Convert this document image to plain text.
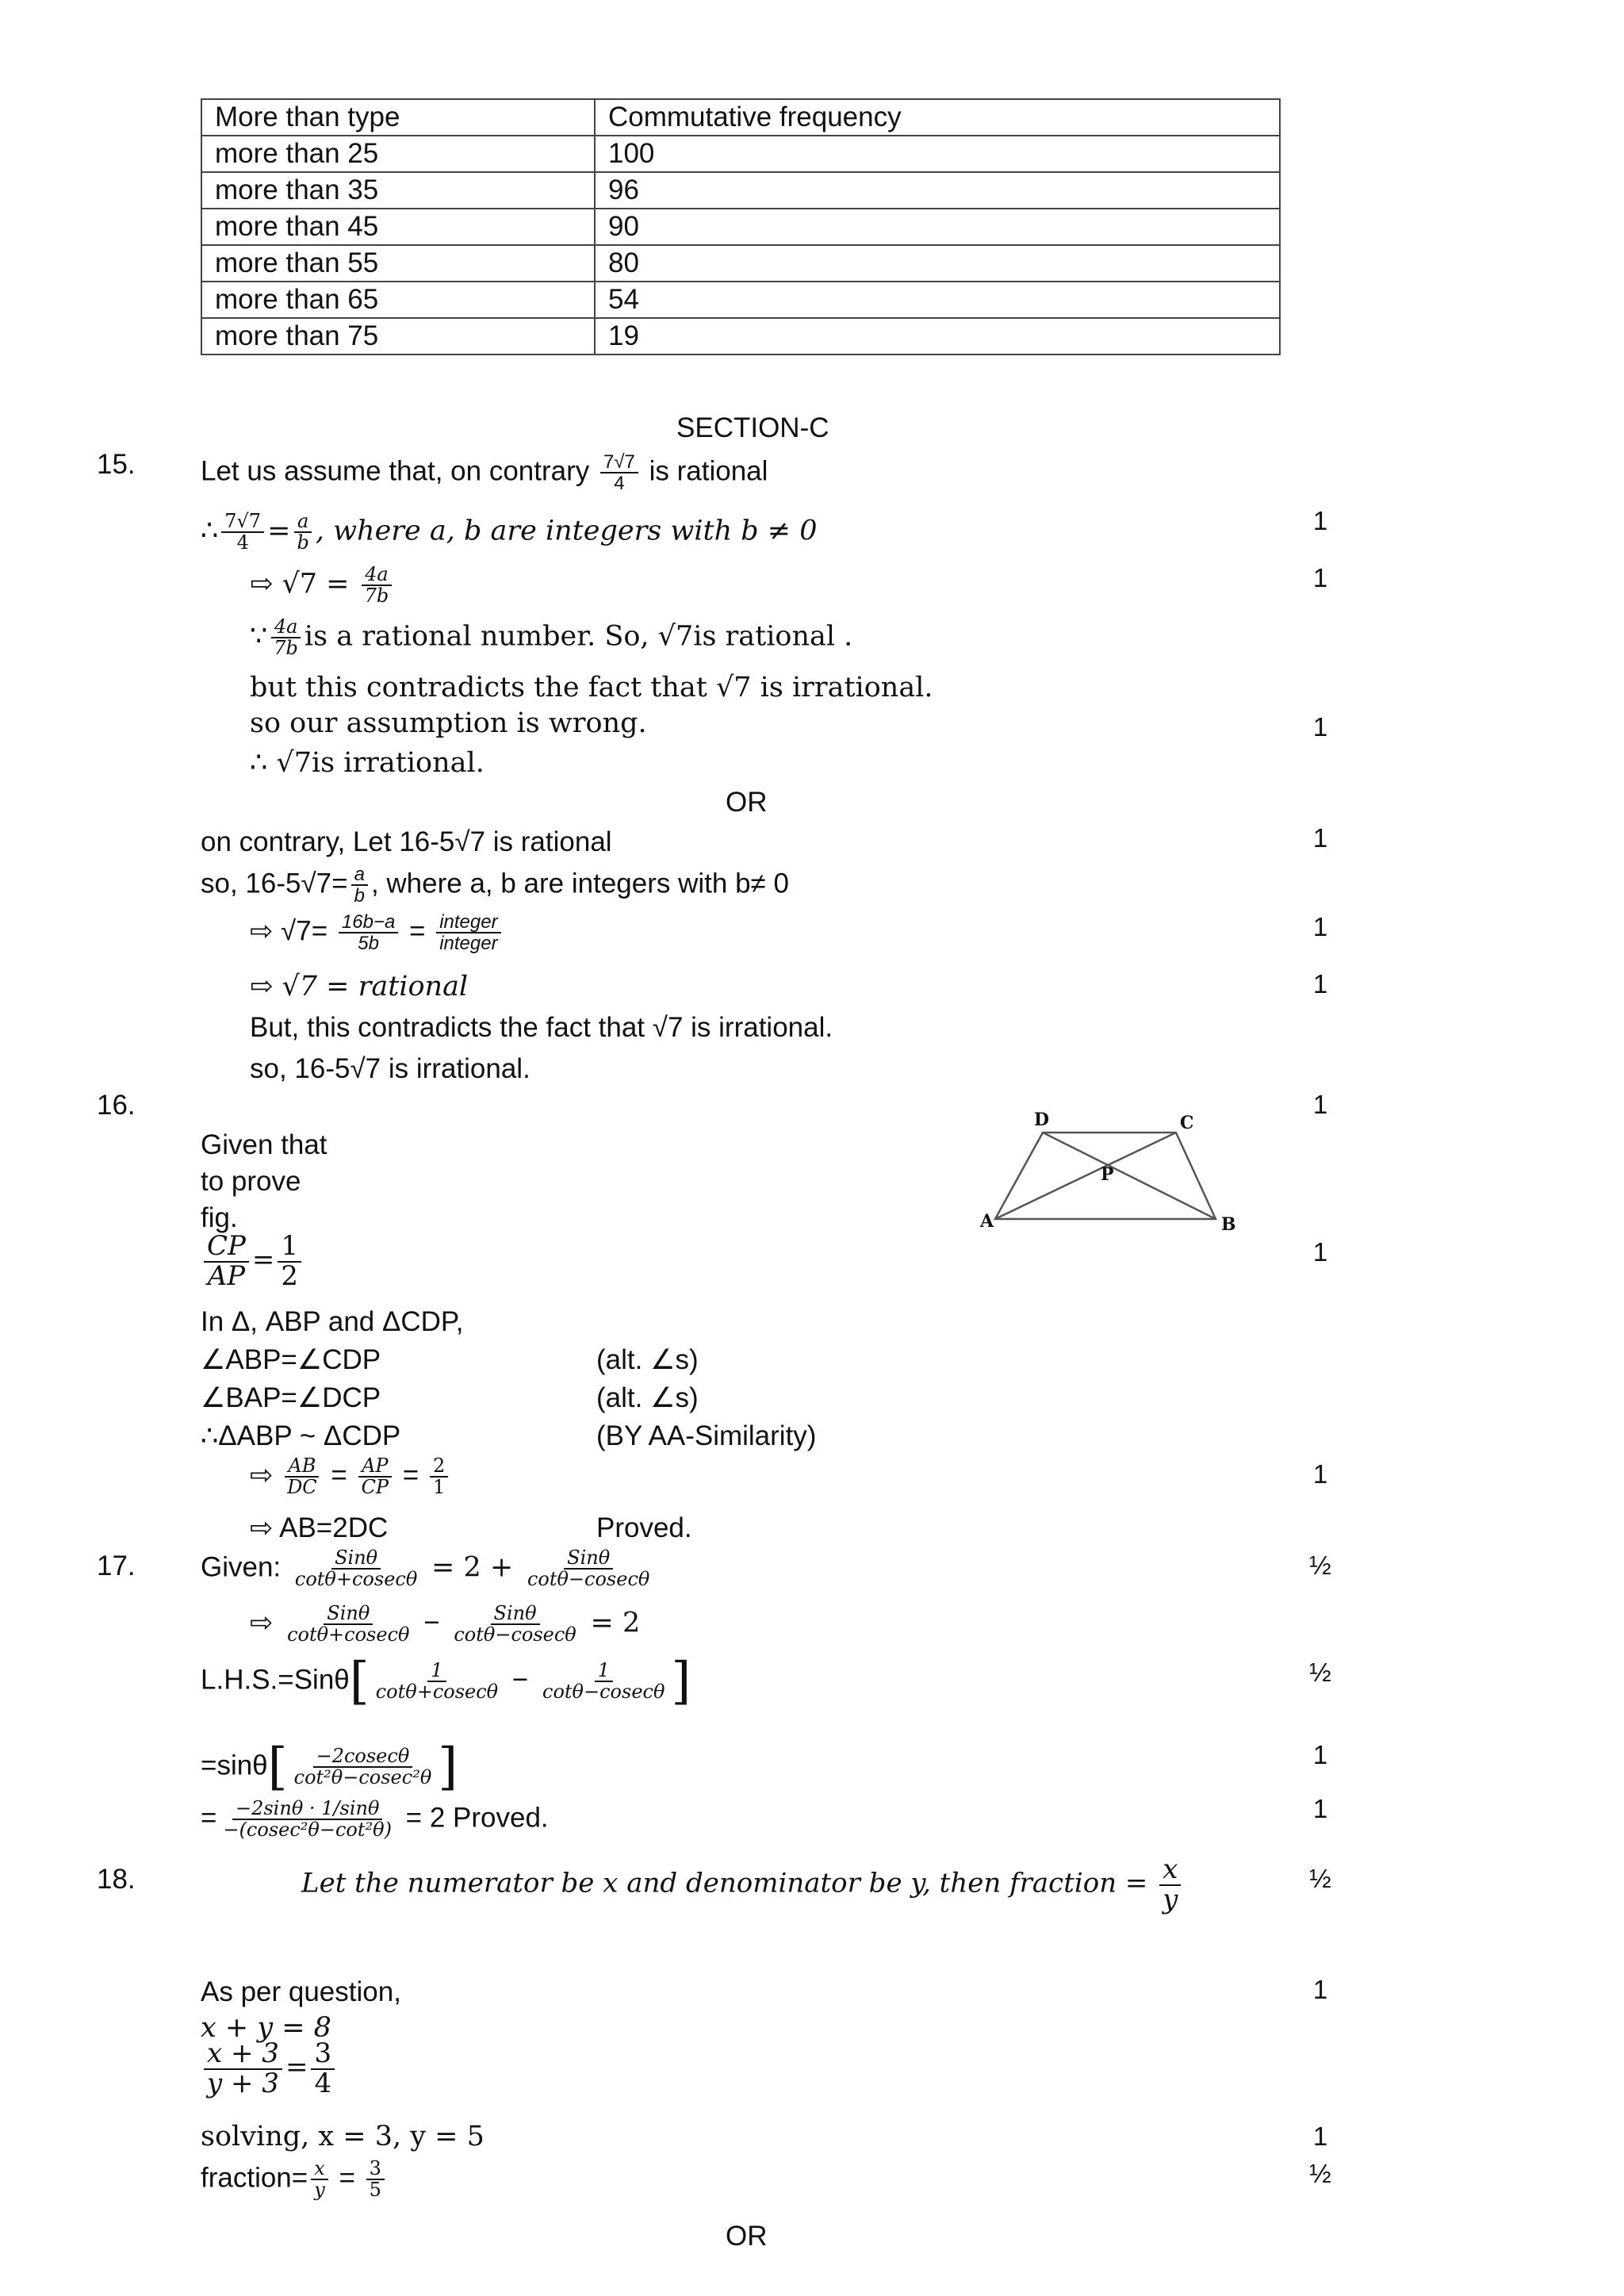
More than type	Commutative frequency
more than 25	100
more than 35	96
more than 45	90
more than 55	80
more than 65	54
more than 75	19
SECTION-C
15. Let us assume that, on contrary $\frac{7√7}{4}$ is rational
1
∴ $\frac{7√7}{4} = \frac{a}{b}$ , where a, b are integers with b ≠ 0
1
⇨ $√7 = \frac{4a}{7b}$
∵ $\frac{4a}{7b}$ is a rational number. So, √7is rational .
but this contradicts the fact that √7 is irrational.
so our assumption is wrong.	1
∴ √7is irrational.
OR
on contrary, Let 16-5√7 is rational	1
so, $16-5√7= \frac{a}{b}$ , where a, b are integers with b≠ 0
⇨ $√7= \frac{16b-a}{5b} = \frac{\text{integer}}{\text{integer}}$	1
⇨ √7 = rational	1
But, this contradicts the fact that √7 is irrational.
so, 16-5√7 is irrational.
16.	1
A	B
C
D
P
Given that
to prove
fig.
$\frac{CP}{AP} = \frac{1}{2}$	1
In Δ, ABP and ΔCDP,
∠ABP=∠CDP	(alt. ∠s)
∠BAP=∠DCP	(alt. ∠s)
∴ΔABP ~ ΔCDP	(BY AA-Similarity)
⇨ $\frac{AB}{DC} = \frac{AP}{CP} = \frac{2}{1}$	1
⇨ AB=2DC	Proved.
17.	½
Given: $\frac{\text{Sinθ}}{\cot\theta+cosec\theta} = 2 + \frac{\text{Sinθ}}{\cot\theta-cosec\theta}$
⇨ $\frac{\text{Sinθ}}{\cot\theta+cosec\theta} - \frac{\text{Sinθ}}{\cot\theta-cosec\theta} = 2$
$L.H.S.=Sin\theta[ \frac{1}{\cot\theta+cosec\theta} - \frac{1}{\cot\theta-cosec\theta}$ ]	½
$=\sin\theta[ \frac{-2cosec\theta}{\text{cot²θ−cosec²θ}}$ ]	1
= $\frac{-2\sin\theta \cdot 1/\sin\theta}{\text{−(cosec²θ−cot²θ)}} = 2$ Proved.	1
18.	½
Let the numerator be x and denominator be y, then fraction = $\frac{x}{y}$
As per question,	1
x + y = 8
$\frac{x + 3}{y + 3} = \frac{3}{4}$
solving, x = 3, y = 5	1
fraction= $\frac{x}{y} = \frac{3}{5}$	½
OR
